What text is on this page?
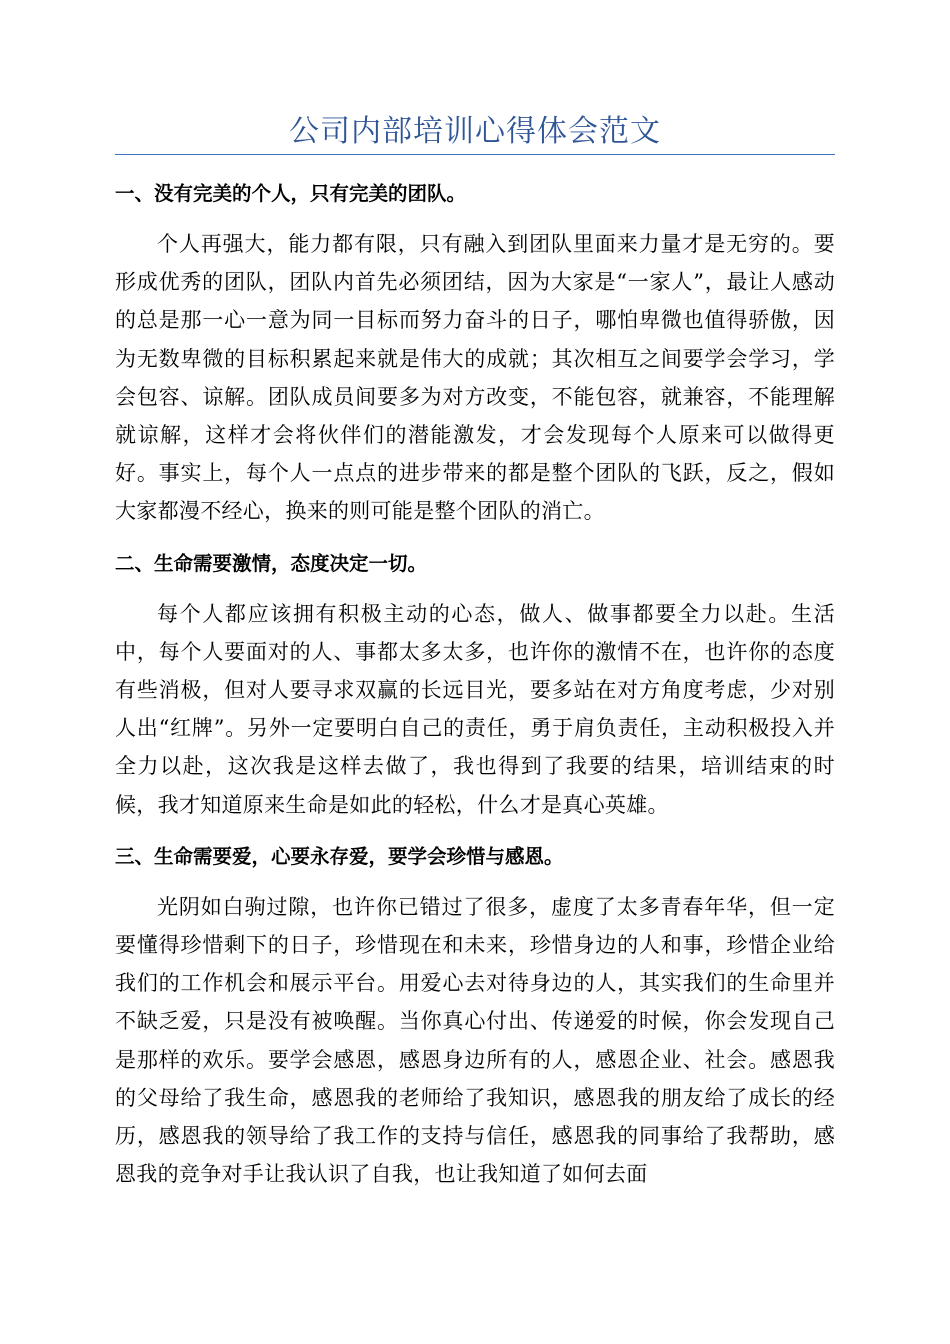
公司内部培训心得体会范文
一、没有完美的个人，只有完美的团队。

个人再强大，能力都有限，只有融入到团队里面来力量才是无穷的。要形成优秀的团队，团队内首先必须团结，因为大家是“一家人”，最让人感动的总是那一心一意为同一目标而努力奋斗的日子，哪怕卑微也值得骄傲，因为无数卑微的目标积累起来就是伟大的成就；其次相互之间要学会学习，学会包容、谅解。团队成员间要多为对方改变，不能包容，就兼容，不能理解就谅解，这样才会将伙伴们的潜能激发，才会发现每个人原来可以做得更好。事实上，每个人一点点的进步带来的都是整个团队的飞跃，反之，假如大家都漫不经心，换来的则可能是整个团队的消亡。

二、生命需要激情，态度决定一切。

每个人都应该拥有积极主动的心态，做人、做事都要全力以赴。生活中，每个人要面对的人、事都太多太多，也许你的激情不在，也许你的态度有些消极，但对人要寻求双赢的长远目光，要多站在对方角度考虑，少对别人出“红牌”。另外一定要明白自己的责任，勇于肩负责任，主动积极投入并全力以赴，这次我是这样去做了，我也得到了我要的结果，培训结束的时候，我才知道原来生命是如此的轻松，什么才是真心英雄。

三、生命需要爱，心要永存爱，要学会珍惜与感恩。

光阴如白驹过隙，也许你已错过了很多，虚度了太多青春年华，但一定要懂得珍惜剩下的日子，珍惜现在和未来，珍惜身边的人和事，珍惜企业给我们的工作机会和展示平台。用爱心去对待身边的人，其实我们的生命里并不缺乏爱，只是没有被唤醒。当你真心付出、传递爱的时候，你会发现自己是那样的欢乐。要学会感恩，感恩身边所有的人，感恩企业、社会。感恩我的父母给了我生命，感恩我的老师给了我知识，感恩我的朋友给了成长的经历，感恩我的领导给了我工作的支持与信任，感恩我的同事给了我帮助，感恩我的竞争对手让我认识了自我，也让我知道了如何去面
